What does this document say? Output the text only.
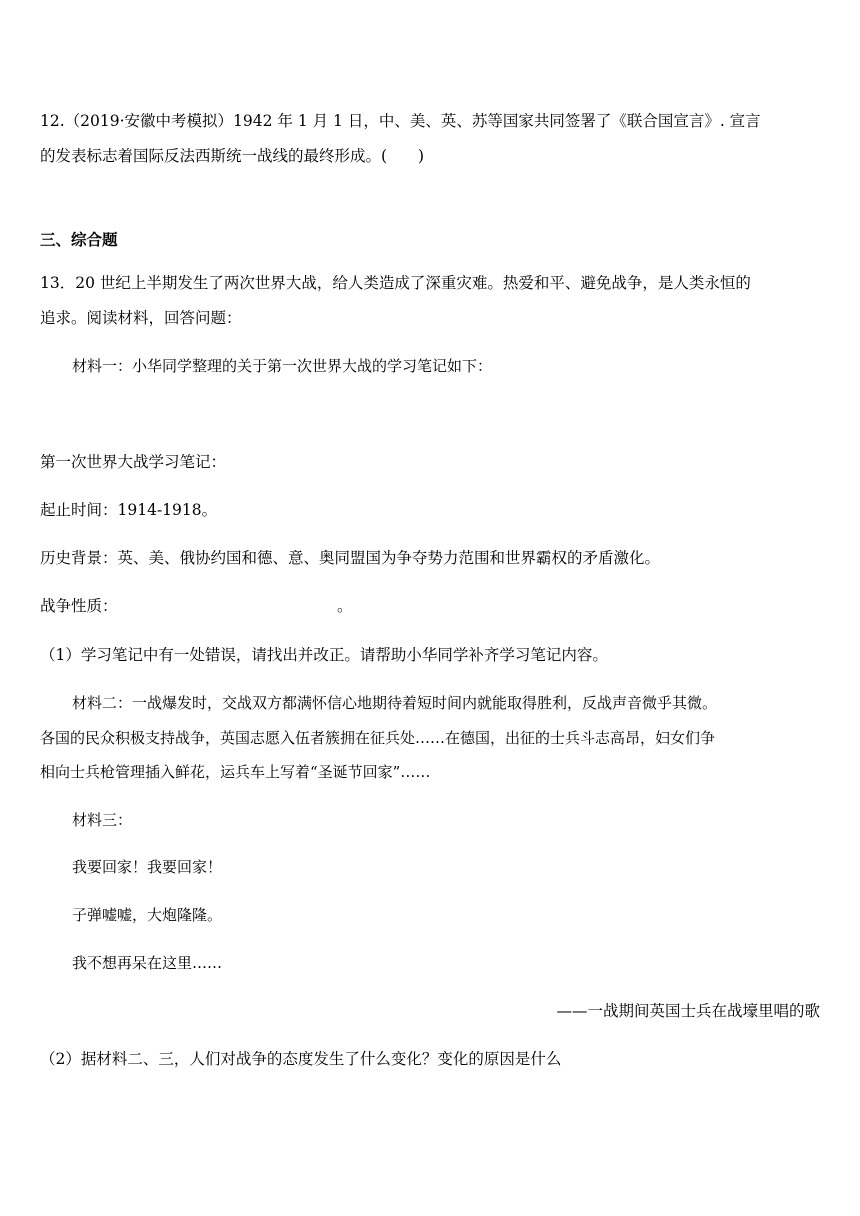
12.（2019·安徽中考模拟）1942 年 1 月 1 日，中、美、英、苏等国家共同签署了《联合国宣言》. 宣言
的发表标志着国际反法西斯统一战线的最终形成。(　　)
三、综合题
13．20 世纪上半期发生了两次世界大战，给人类造成了深重灾难。热爱和平、避免战争，是人类永恒的
追求。阅读材料，回答问题：
材料一：小华同学整理的关于第一次世界大战的学习笔记如下：
第一次世界大战学习笔记：
起止时间：1914-1918。
历史背景：英、美、俄协约国和德、意、奥同盟国为争夺势力范围和世界霸权的矛盾激化。
战争性质：	。
（1）学习笔记中有一处错误，请找出并改正。请帮助小华同学补齐学习笔记内容。
材料二：一战爆发时，交战双方都满怀信心地期待着短时间内就能取得胜利，反战声音微乎其微。
各国的民众积极支持战争，英国志愿入伍者簇拥在征兵处……在德国，出征的士兵斗志高昂，妇女们争
相向士兵枪管理插入鲜花，运兵车上写着“圣诞节回家”……
材料三：
我要回家！我要回家！
子弹嘘嘘，大炮隆隆。
我不想再呆在这里……
——一战期间英国士兵在战壕里唱的歌
（2）据材料二、三，人们对战争的态度发生了什么变化？变化的原因是什么
